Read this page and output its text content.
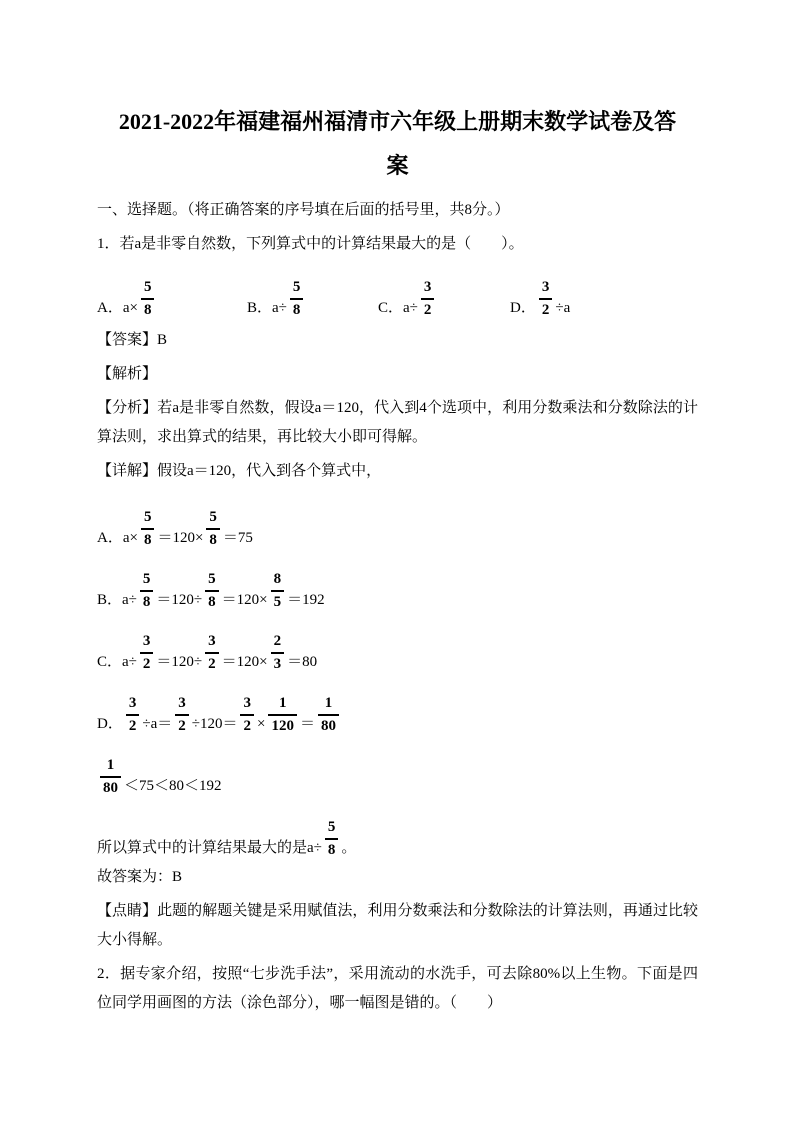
2021-2022年福建福州福清市六年级上册期末数学试卷及答
案

一、选择题。（将正确答案的序号填在后面的括号里，共8分。）

1．若a是非零自然数，下列算式中的计算结果最大的是（　　）。

A．$a\times \frac{5}{8}$	B．$a\div \frac{5}{8}$	C．$a\div \frac{3}{2}$	D． $\frac{3}{2} \div a$

【答案】B

【解析】

【分析】若a是非零自然数，假设a＝120，代入到4个选项中，利用分数乘法和分数除法的计算法则，求出算式的结果，再比较大小即可得解。

【详解】假设a＝120，代入到各个算式中，

A．$a\times \frac{5}{8} =120\times \frac{5}{8} =75$
B．$a\div \frac{5}{8} =120\div \frac{5}{8} =120\times \frac{8}{5} =192$
C．$a\div \frac{3}{2} =120\div \frac{3}{2} =120\times \frac{2}{3} =80$
D． $\frac{3}{2} \div a= \frac{3}{2} \div 120= \frac{3}{2} \times \frac{1}{120} = \frac{1}{80}$
$\frac{1}{80} <75<80<192$
所以算式中的计算结果最大的是$a\div \frac{5}{8}$ 。

故答案为：B

【点睛】此题的解题关键是采用赋值法，利用分数乘法和分数除法的计算法则，再通过比较大小得解。

2．据专家介绍，按照“七步洗手法”，采用流动的水洗手，可去除80%以上生物。下面是四位同学用画图的方法（涂色部分），哪一幅图是错的。（　　）
